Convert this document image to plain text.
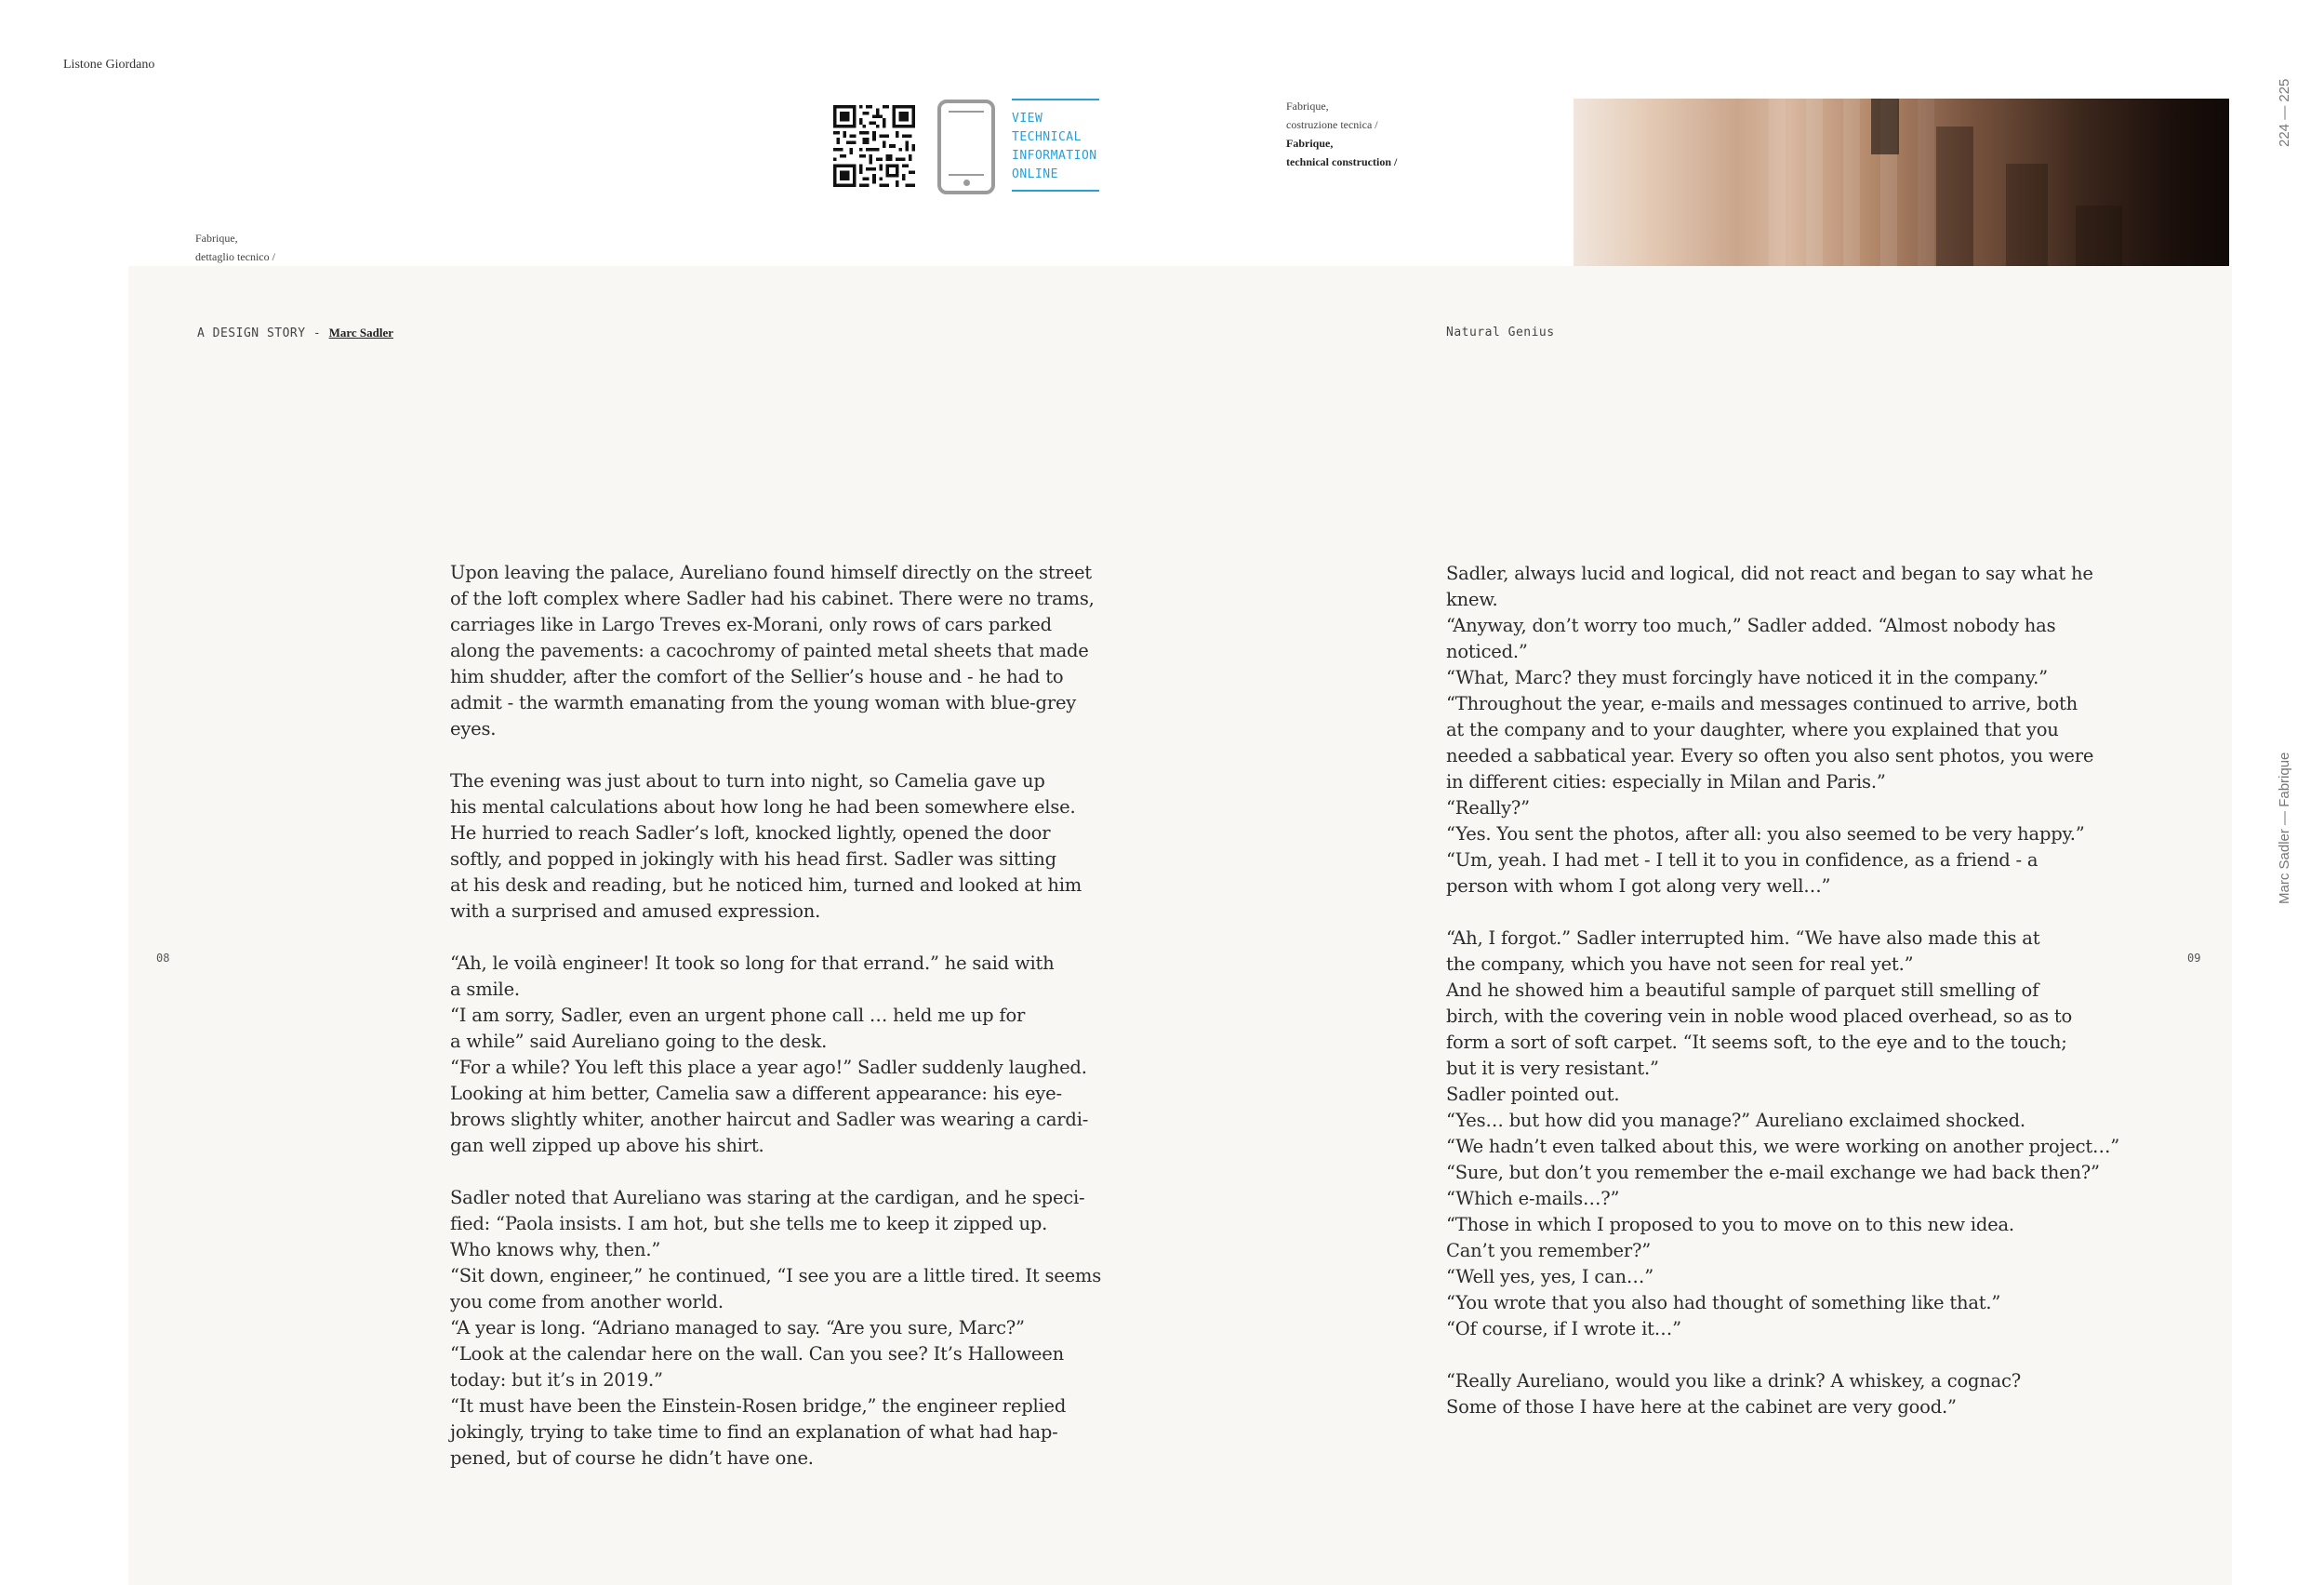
Listone Giordano
Fabrique,
dettaglio tecnico /
VIEW
TECHNICAL
INFORMATION
ONLINE
Fabrique,
costruzione tecnica /
Fabrique,
technical construction /
224 — 225
Marc Sadler — Fabrique
A DESIGN STORY - Marc Sadler	Natural Genius
08	09
Upon leaving the palace, Aureliano found himself directly on the street
of the loft complex where Sadler had his cabinet. There were no trams,
carriages like in Largo Treves ex-Morani, only rows of cars parked
along the pavements: a cacochromy of painted metal sheets that made
him shudder, after the comfort of the Sellier’s house and - he had to
admit - the warmth emanating from the young woman with blue-grey
eyes.
The evening was just about to turn into night, so Camelia gave up
his mental calculations about how long he had been somewhere else.
He hurried to reach Sadler’s loft, knocked lightly, opened the door
softly, and popped in jokingly with his head first. Sadler was sitting
at his desk and reading, but he noticed him, turned and looked at him
with a surprised and amused expression.
“Ah, le voilà engineer! It took so long for that errand.” he said with
a smile.
“I am sorry, Sadler, even an urgent phone call … held me up for
a while” said Aureliano going to the desk.
“For a while? You left this place a year ago!” Sadler suddenly laughed.
Looking at him better, Camelia saw a different appearance: his eye-
brows slightly whiter, another haircut and Sadler was wearing a cardi-
gan well zipped up above his shirt.
Sadler noted that Aureliano was staring at the cardigan, and he speci-
fied: “Paola insists. I am hot, but she tells me to keep it zipped up.
Who knows why, then.”
“Sit down, engineer,” he continued, “I see you are a little tired. It seems
you come from another world.
“A year is long. “Adriano managed to say. “Are you sure, Marc?”
“Look at the calendar here on the wall. Can you see? It’s Halloween
today: but it’s in 2019.”
“It must have been the Einstein-Rosen bridge,” the engineer replied
jokingly, trying to take time to find an explanation of what had hap-
pened, but of course he didn’t have one.
Sadler, always lucid and logical, did not react and began to say what he knew.
“Anyway, don’t worry too much,” Sadler added. “Almost nobody has
noticed.”
“What, Marc? they must forcingly have noticed it in the company.”
“Throughout the year, e-mails and messages continued to arrive, both
at the company and to your daughter, where you explained that you
needed a sabbatical year. Every so often you also sent photos, you were
in different cities: especially in Milan and Paris.”
“Really?”
“Yes. You sent the photos, after all: you also seemed to be very happy.”
“Um, yeah. I had met - I tell it to you in confidence, as a friend - a
person with whom I got along very well…”
“Ah, I forgot.” Sadler interrupted him. “We have also made this at
the company, which you have not seen for real yet.”
And he showed him a beautiful sample of parquet still smelling of
birch, with the covering vein in noble wood placed overhead, so as to
form a sort of soft carpet. “It seems soft, to the eye and to the touch;
but it is very resistant.”
Sadler pointed out.
“Yes… but how did you manage?” Aureliano exclaimed shocked.
“We hadn’t even talked about this, we were working on another project…”
“Sure, but don’t you remember the e-mail exchange we had back then?”
“Which e-mails…?”
“Those in which I proposed to you to move on to this new idea.
Can’t you remember?”
“Well yes, yes, I can…”
“You wrote that you also had thought of something like that.”
“Of course, if I wrote it…”
“Really Aureliano, would you like a drink? A whiskey, a cognac?
Some of those I have here at the cabinet are very good.”
